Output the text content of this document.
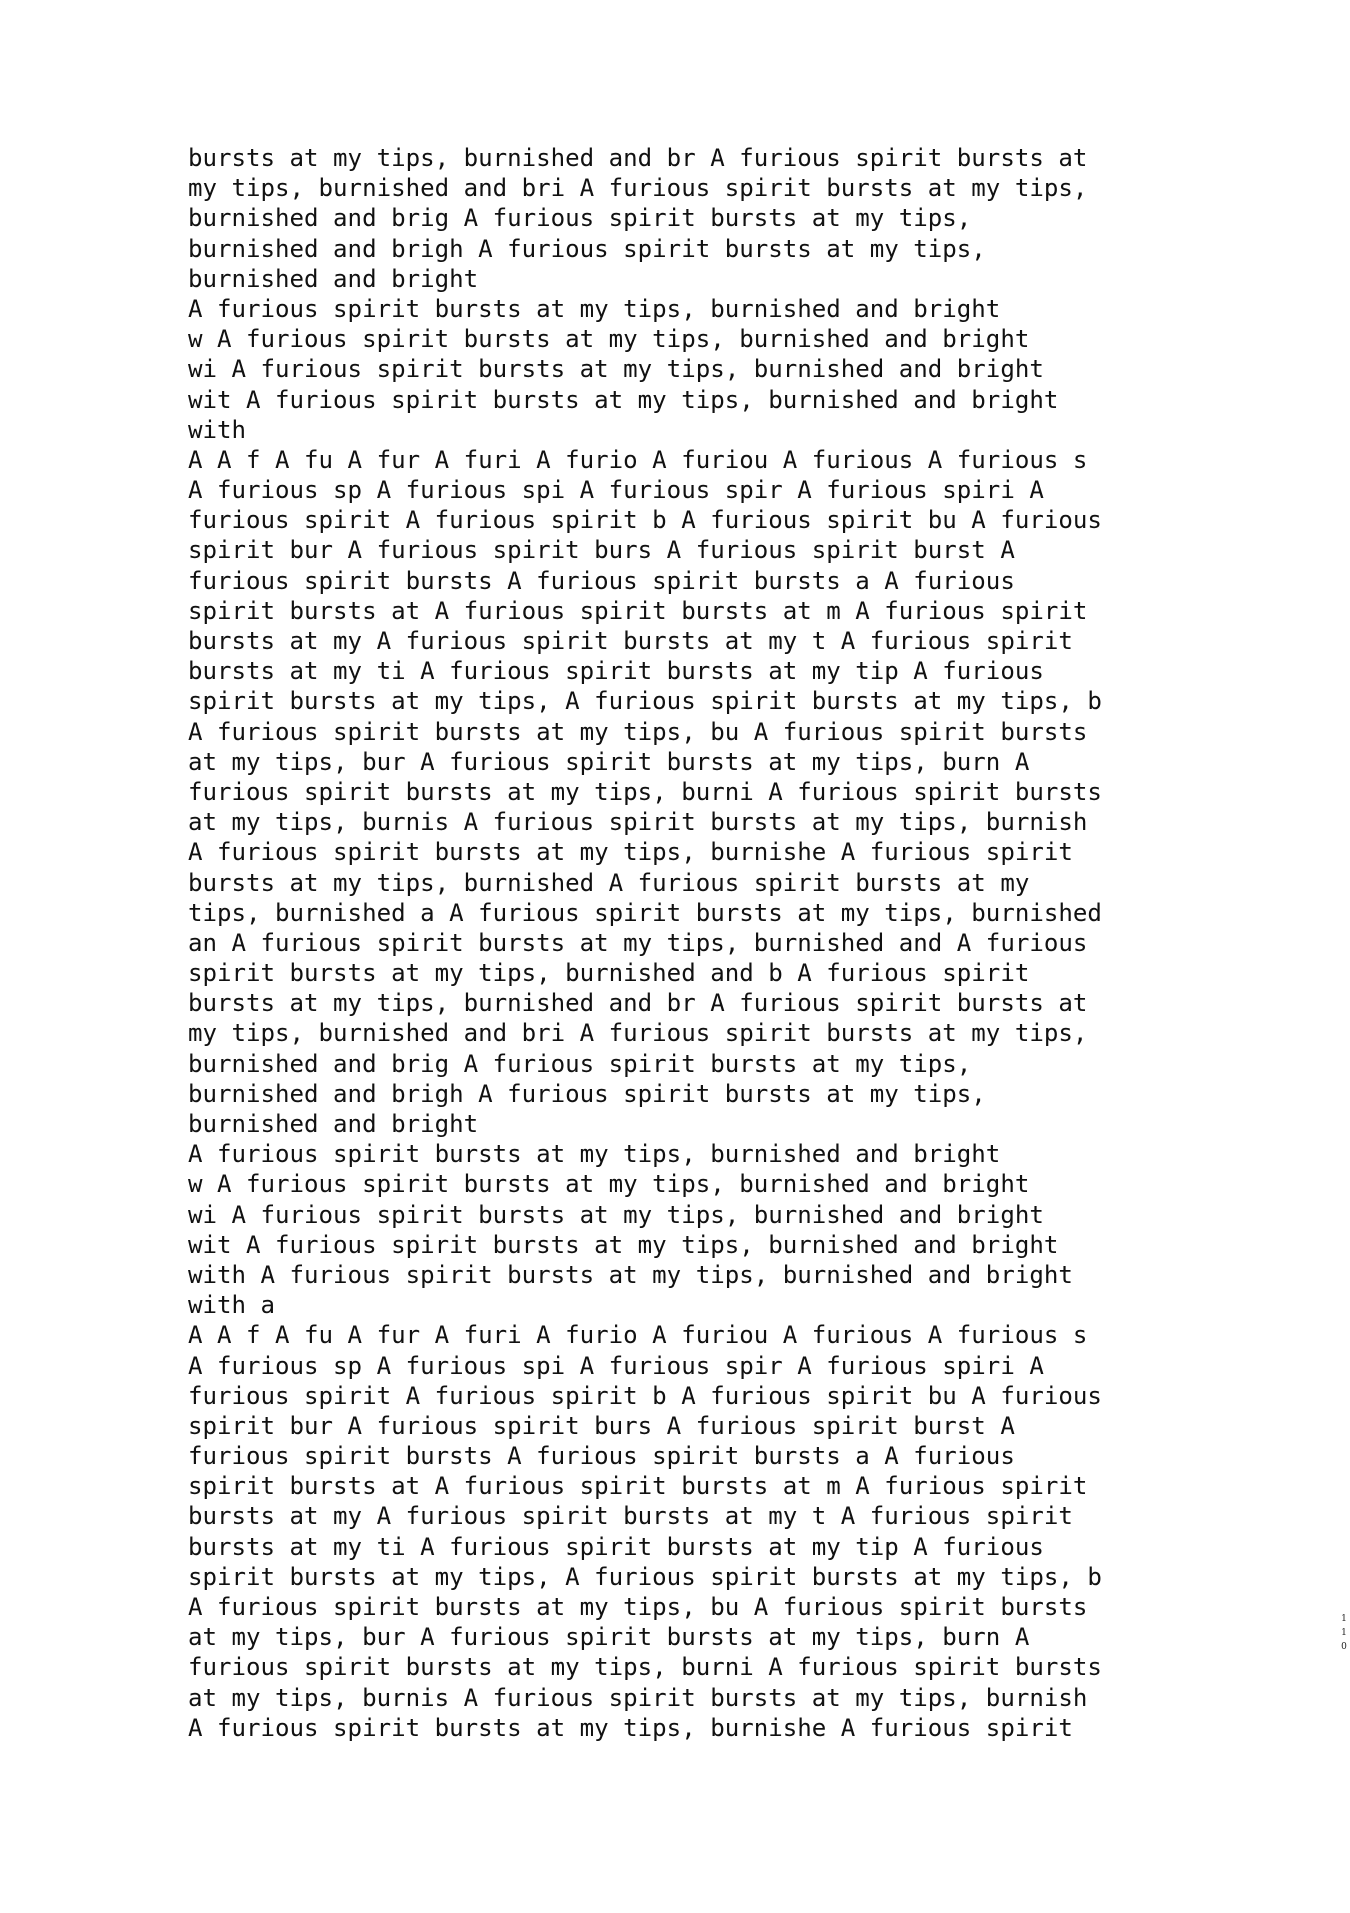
bursts at my tips, burnished and br A furious spirit bursts at
my tips, burnished and bri A furious spirit bursts at my tips,
burnished and brig A furious spirit bursts at my tips,
burnished and brigh A furious spirit bursts at my tips,
burnished and bright
A furious spirit bursts at my tips, burnished and bright
w A furious spirit bursts at my tips, burnished and bright
wi A furious spirit bursts at my tips, burnished and bright
wit A furious spirit bursts at my tips, burnished and bright
with
A A f A fu A fur A furi A furio A furiou A furious A furious s
A furious sp A furious spi A furious spir A furious spiri A
furious spirit A furious spirit b A furious spirit bu A furious
spirit bur A furious spirit burs A furious spirit burst A
furious spirit bursts A furious spirit bursts a A furious
spirit bursts at A furious spirit bursts at m A furious spirit
bursts at my A furious spirit bursts at my t A furious spirit
bursts at my ti A furious spirit bursts at my tip A furious
spirit bursts at my tips, A furious spirit bursts at my tips, b
A furious spirit bursts at my tips, bu A furious spirit bursts
at my tips, bur A furious spirit bursts at my tips, burn A
furious spirit bursts at my tips, burni A furious spirit bursts
at my tips, burnis A furious spirit bursts at my tips, burnish
A furious spirit bursts at my tips, burnishe A furious spirit
bursts at my tips, burnished A furious spirit bursts at my
tips, burnished a A furious spirit bursts at my tips, burnished
an A furious spirit bursts at my tips, burnished and A furious
spirit bursts at my tips, burnished and b A furious spirit
bursts at my tips, burnished and br A furious spirit bursts at
my tips, burnished and bri A furious spirit bursts at my tips,
burnished and brig A furious spirit bursts at my tips,
burnished and brigh A furious spirit bursts at my tips,
burnished and bright
A furious spirit bursts at my tips, burnished and bright
w A furious spirit bursts at my tips, burnished and bright
wi A furious spirit bursts at my tips, burnished and bright
wit A furious spirit bursts at my tips, burnished and bright
with A furious spirit bursts at my tips, burnished and bright
with a
A A f A fu A fur A furi A furio A furiou A furious A furious s
A furious sp A furious spi A furious spir A furious spiri A
furious spirit A furious spirit b A furious spirit bu A furious
spirit bur A furious spirit burs A furious spirit burst A
furious spirit bursts A furious spirit bursts a A furious
spirit bursts at A furious spirit bursts at m A furious spirit
bursts at my A furious spirit bursts at my t A furious spirit
bursts at my ti A furious spirit bursts at my tip A furious
spirit bursts at my tips, A furious spirit bursts at my tips, b
A furious spirit bursts at my tips, bu A furious spirit bursts
at my tips, bur A furious spirit bursts at my tips, burn A
furious spirit bursts at my tips, burni A furious spirit bursts
at my tips, burnis A furious spirit bursts at my tips, burnish
A furious spirit bursts at my tips, burnishe A furious spirit
1
1
0
